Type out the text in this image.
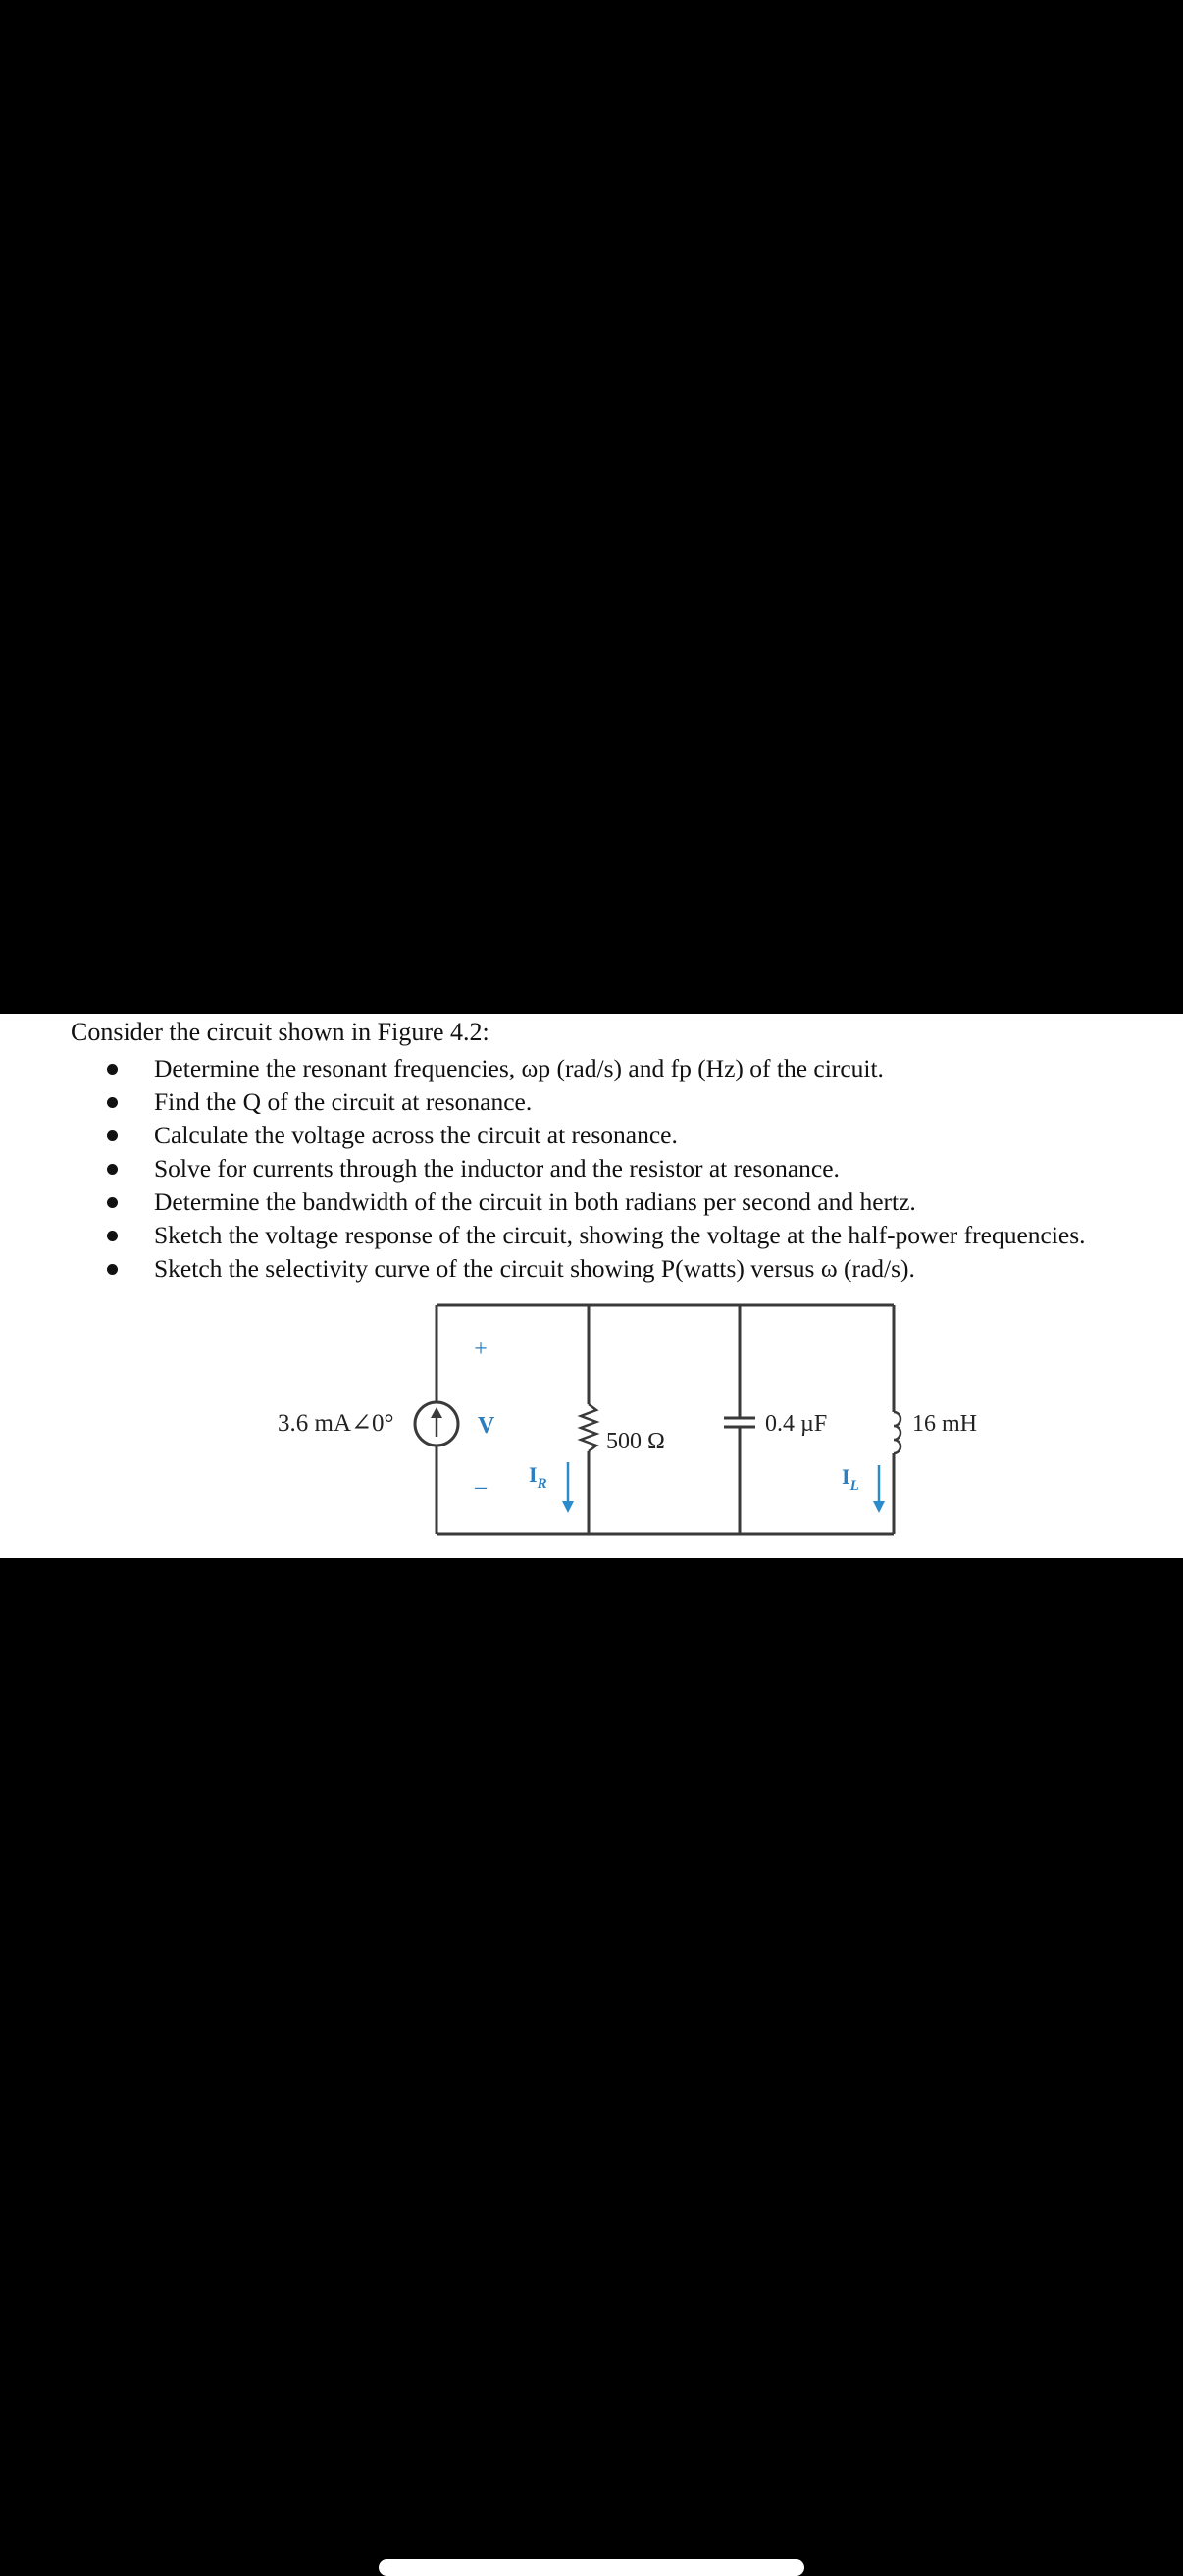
Consider the circuit shown in Figure 4.2:
Determine the resonant frequencies, ωp (rad/s) and fp (Hz) of the circuit.
Find the Q of the circuit at resonance.
Calculate the voltage across the circuit at resonance.
Solve for currents through the inductor and the resistor at resonance.
Determine the bandwidth of the circuit in both radians per second and hertz.
Sketch the voltage response of the circuit, showing the voltage at the half-power frequencies.
Sketch the selectivity curve of the circuit showing P(watts) versus ω (rad/s).
+
V
–
3.6 mA∠0°
500 Ω
0.4 µF	16 mH
$I_R$	$I_L$
